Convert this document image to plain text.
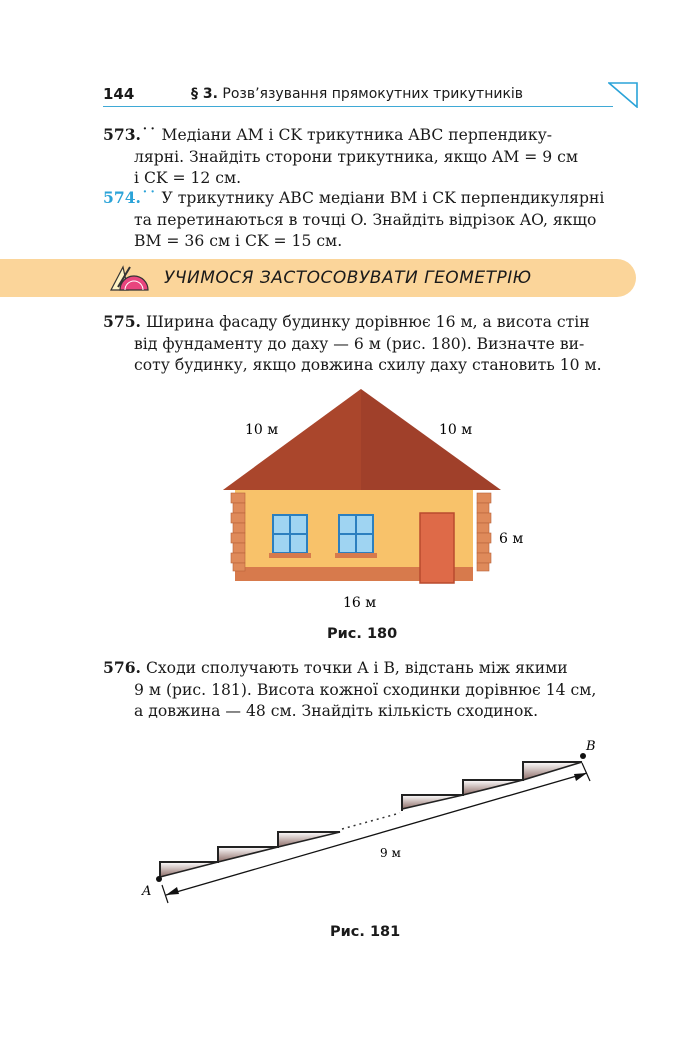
144	§ 3. Розв’язування прямокутних трикутників
573.˙˙ Медіани AM і CK трикутника ABC перпендику-
лярні. Знайдіть сторони трикутника, якщо AM = 9 см
і CK = 12 см.
574.˙˙ У трикутнику ABC медіани BM і CK перпендикулярні
та перетинаються в точці O. Знайдіть відрізок AO, якщо
BM = 36 см і CK = 15 см.
УЧИМОСЯ ЗАСТОСОВУВАТИ ГЕОМЕТРІЮ
575. Ширина фасаду будинку дорівнює 16 м, а висота стін
від фундаменту до даху — 6 м (рис. 180). Визначте ви-
соту будинку, якщо довжина схилу даху становить 10 м.
10 м	10 м
6 м
16 м
Рис. 180
576. Сходи сполучають точки A і B, відстань між якими
9 м (рис. 181). Висота кожної сходинки дорівнює 14 см,
а довжина — 48 см. Знайдіть кількість сходинок.
A
B
9 м
Рис. 181
